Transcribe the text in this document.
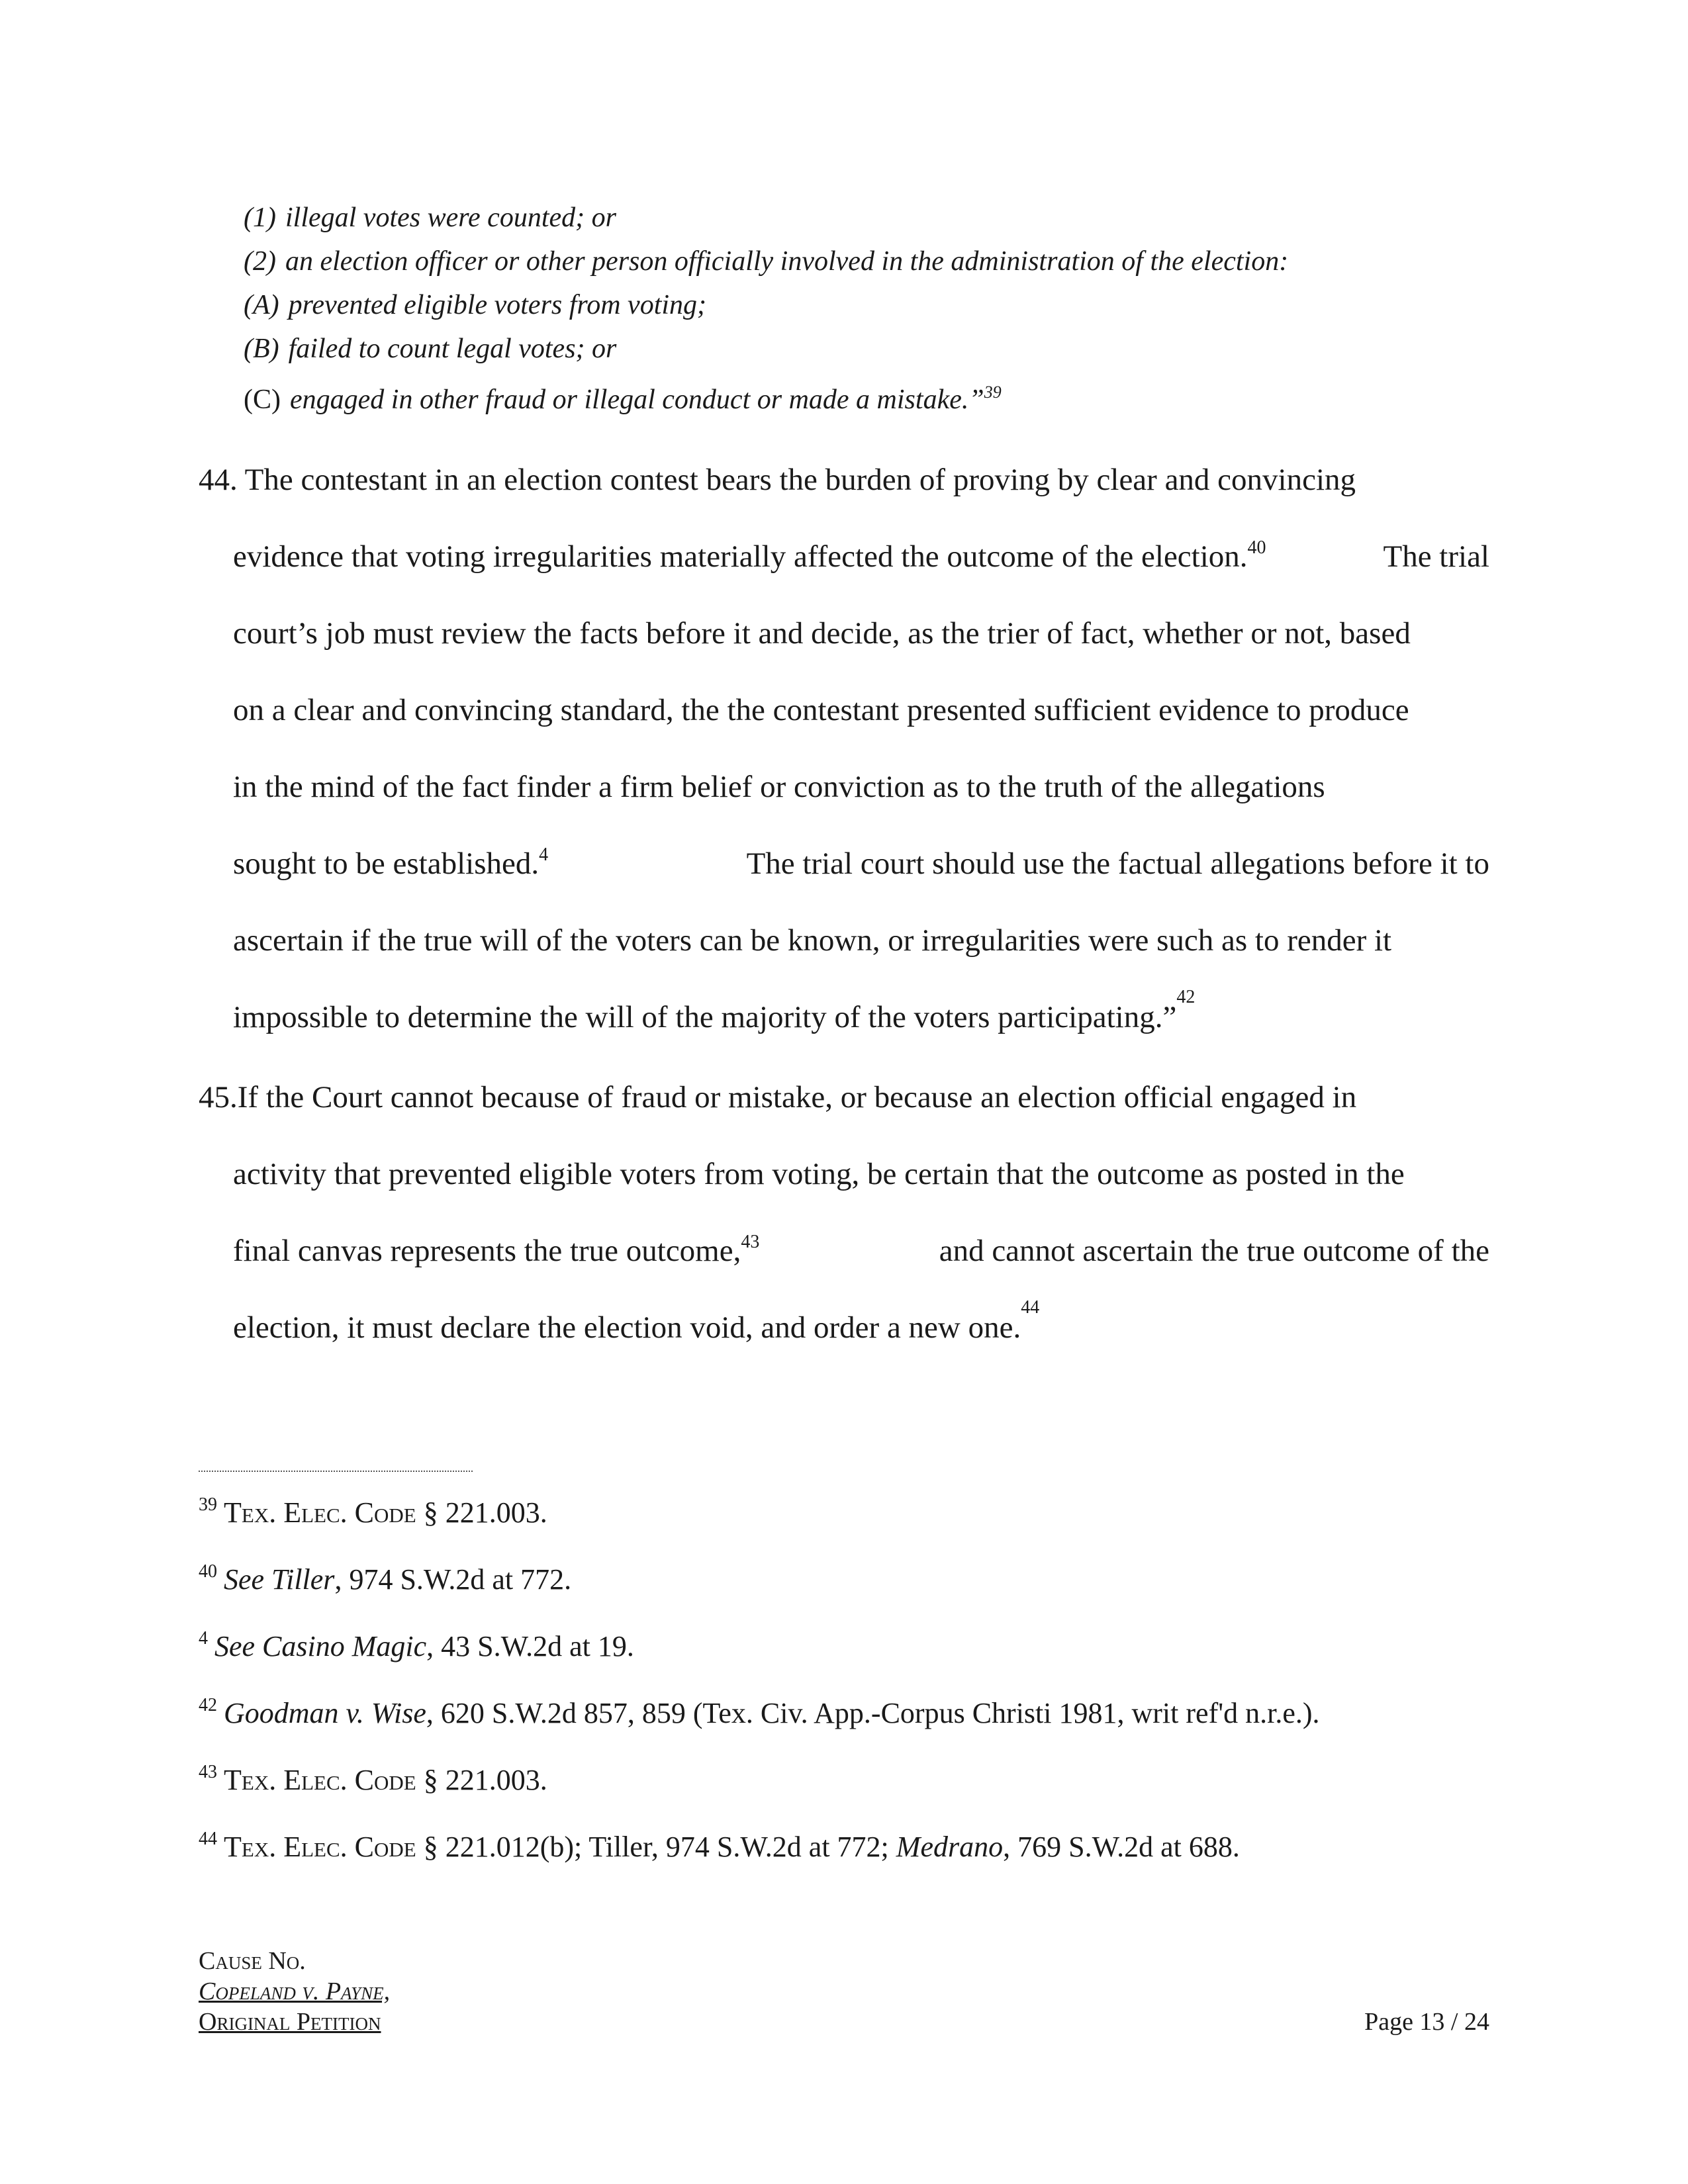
(1) illegal votes were counted; or
(2) an election officer or other person officially involved in the administration of the election:
(A) prevented eligible voters from voting;
(B) failed to count legal votes; or
(C) engaged in other fraud or illegal conduct or made a mistake.”$^{39}$
44. The contestant in an election contest bears the burden of proving by clear and convincing
evidence that voting irregularities materially affected the outcome of the election.$^{40}$	The trial
court’s job must review the facts before it and decide, as the trier of fact, whether or not, based
on a clear and convincing standard, the the contestant presented sufficient evidence to produce
in the mind of the fact finder a firm belief or conviction as to the truth of the allegations
sought to be established.$^4$	The trial court should use the factual allegations before it to
ascertain if the true will of the voters can be known, or irregularities were such as to render it
impossible to determine the will of the majority of the voters participating.”
42
45.If the Court cannot because of fraud or mistake, or because an election official engaged in
activity that prevented eligible voters from voting, be certain that the outcome as posted in the
final canvas represents the true outcome,$^{43}$	and cannot ascertain the true outcome of the
election, it must declare the election void, and order a new one.
44
$^{39}$ Tex. Elec. Code § 221.003.
$^{40}$ See Tiller, 974 S.W.2d at 772.
$^4$ See Casino Magic, 43 S.W.2d at 19.
$^{42}$ Goodman v. Wise, 620 S.W.2d 857, 859 (Tex. Civ. App.-Corpus Christi 1981, writ ref'd n.r.e.).
$^{43}$ Tex. Elec. Code § 221.003.
$^{44}$ Tex. Elec. Code § 221.012(b); Tiller, 974 S.W.2d at 772; Medrano, 769 S.W.2d at 688.
Cause No.
Copeland v. Payne,
Original Petition	Page 13 / 24
